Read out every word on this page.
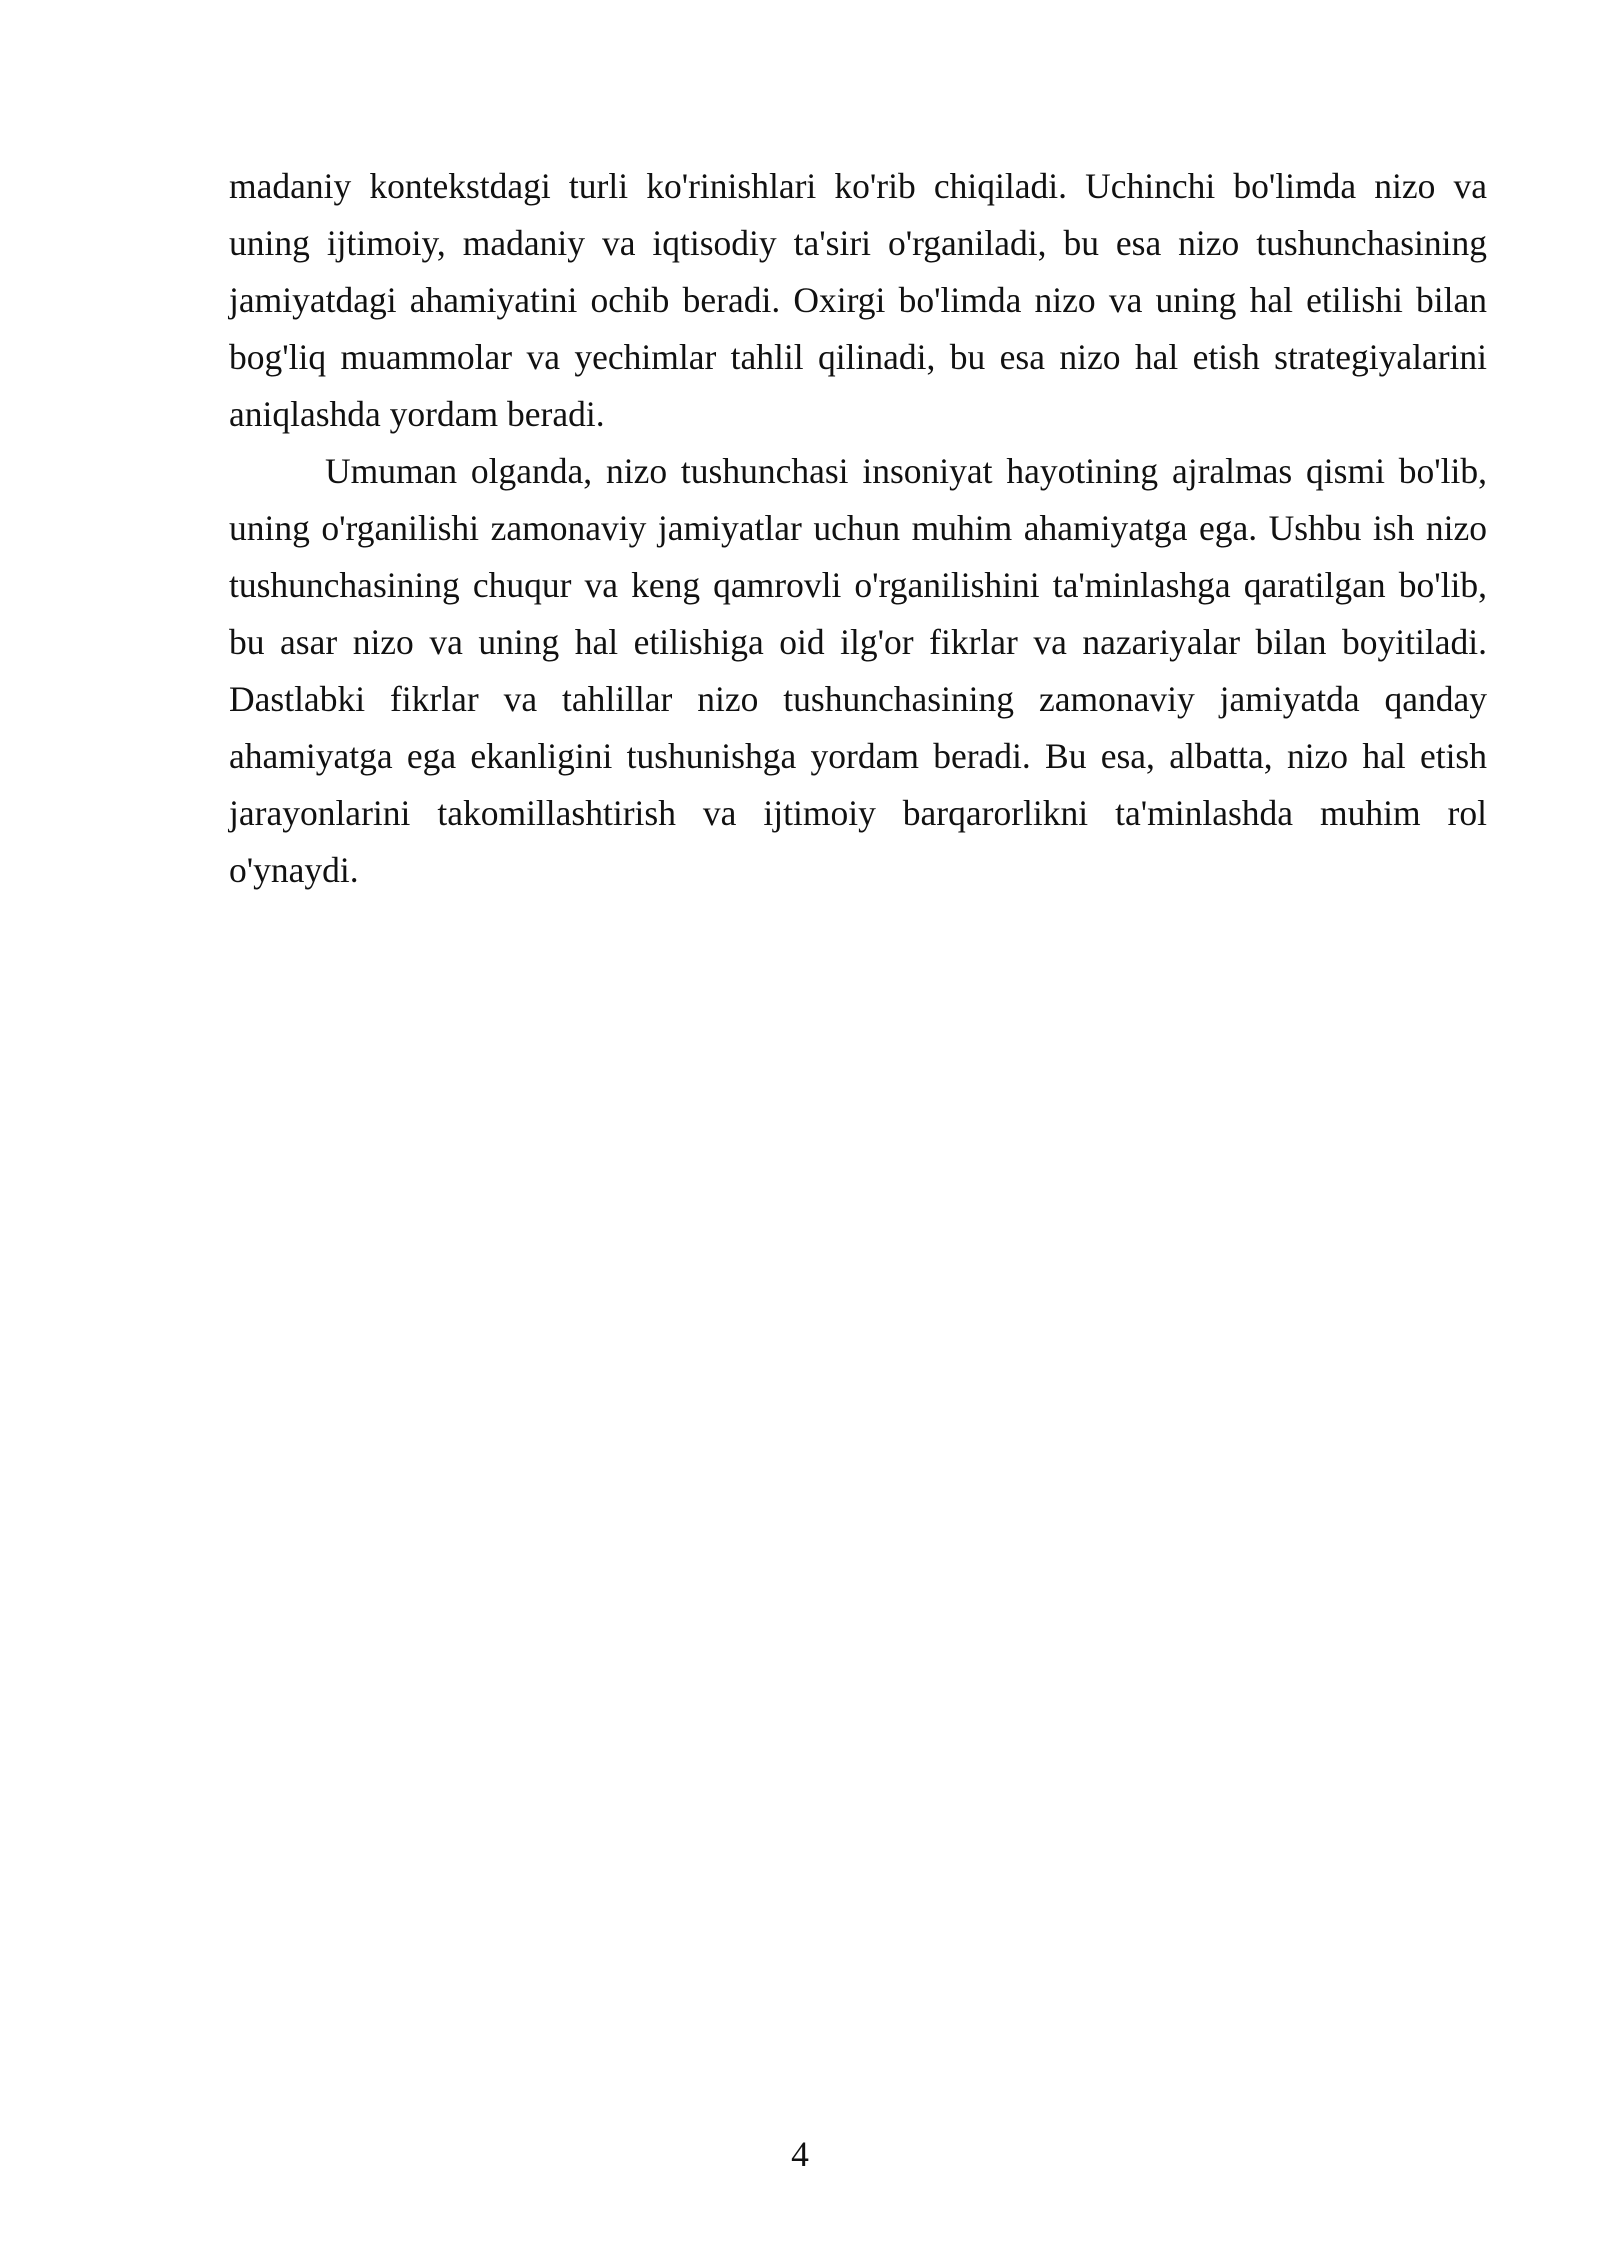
madaniy kontekstdagi turli ko'rinishlari ko'rib chiqiladi. Uchinchi bo'limda nizo va uning ijtimoiy, madaniy va iqtisodiy ta'siri o'rganiladi, bu esa nizo tushunchasining jamiyatdagi ahamiyatini ochib beradi. Oxirgi bo'limda nizo va uning hal etilishi bilan bog'liq muammolar va yechimlar tahlil qilinadi, bu esa nizo hal etish strategiyalarini aniqlashda yordam beradi.

Umuman olganda, nizo tushunchasi insoniyat hayotining ajralmas qismi bo'lib, uning o'rganilishi zamonaviy jamiyatlar uchun muhim ahamiyatga ega. Ushbu ish nizo tushunchasining chuqur va keng qamrovli o'rganilishini ta'minlashga qaratilgan bo'lib, bu asar nizo va uning hal etilishiga oid ilg'or fikrlar va nazariyalar bilan boyitiladi. Dastlabki fikrlar va tahlillar nizo tushunchasining zamonaviy jamiyatda qanday ahamiyatga ega ekanligini tushunishga yordam beradi. Bu esa, albatta, nizo hal etish jarayonlarini takomillashtirish va ijtimoiy barqarorlikni ta'minlashda muhim rol o'ynaydi.

4
